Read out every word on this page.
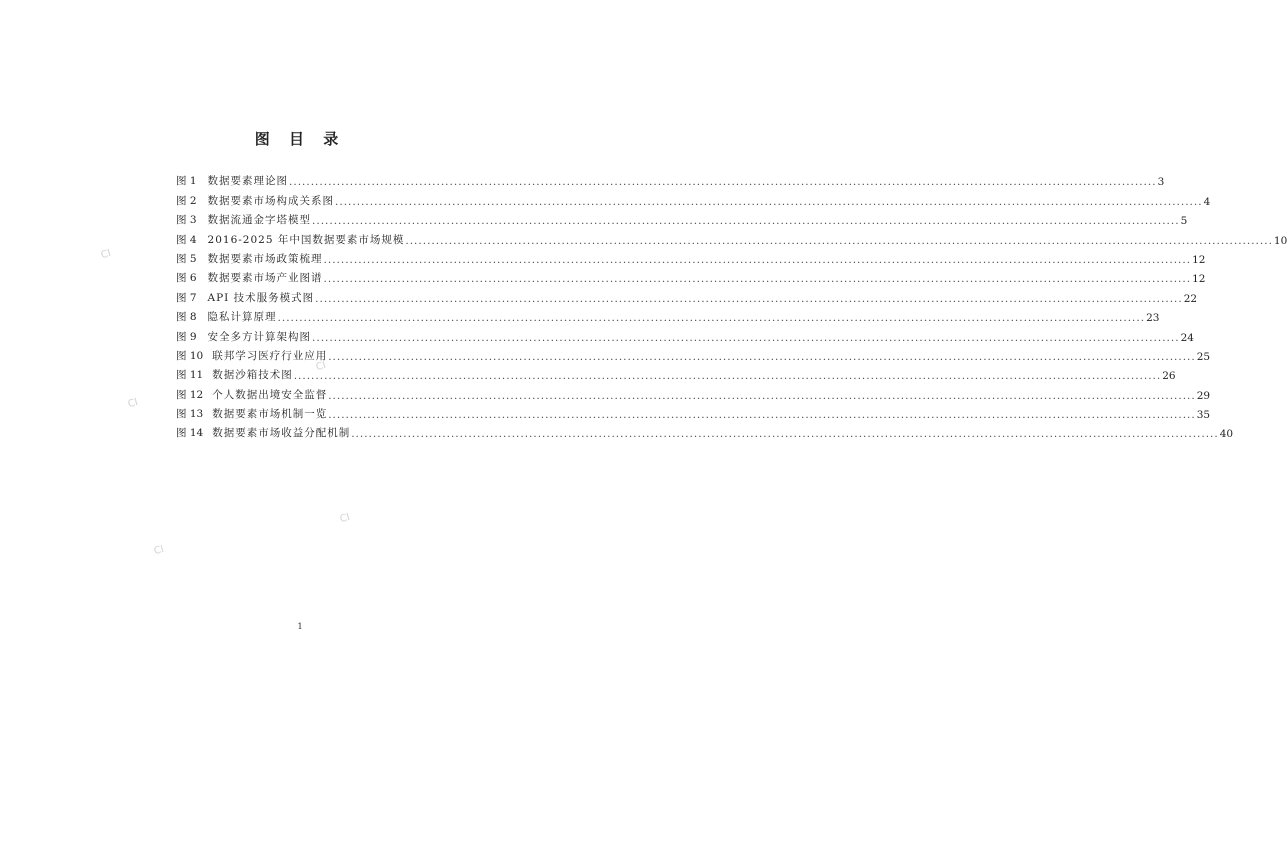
图 目 录
图 1 数据要素理论图 ........................................................................................................................................................................................................ 3
图 2 数据要素市场构成关系图 ........................................................................................................................................................................................................ 4
图 3 数据流通金字塔模型 ........................................................................................................................................................................................................ 5
图 4 2016-2025 年中国数据要素市场规模 ........................................................................................................................................................................................................ 10
图 5 数据要素市场政策梳理 ........................................................................................................................................................................................................ 12
图 6 数据要素市场产业图谱 ........................................................................................................................................................................................................ 12
图 7 API 技术服务模式图 ........................................................................................................................................................................................................ 22
图 8 隐私计算原理 ........................................................................................................................................................................................................ 23
图 9 安全多方计算架构图 ........................................................................................................................................................................................................ 24
图 10 联邦学习医疗行业应用 ........................................................................................................................................................................................................ 25
图 11 数据沙箱技术图 ........................................................................................................................................................................................................ 26
图 12 个人数据出境安全监督 ........................................................................................................................................................................................................ 29
图 13 数据要素市场机制一览 ........................................................................................................................................................................................................ 35
图 14 数据要素市场收益分配机制 ........................................................................................................................................................................................................ 40
1
CI
CI
CI
CI
CI
